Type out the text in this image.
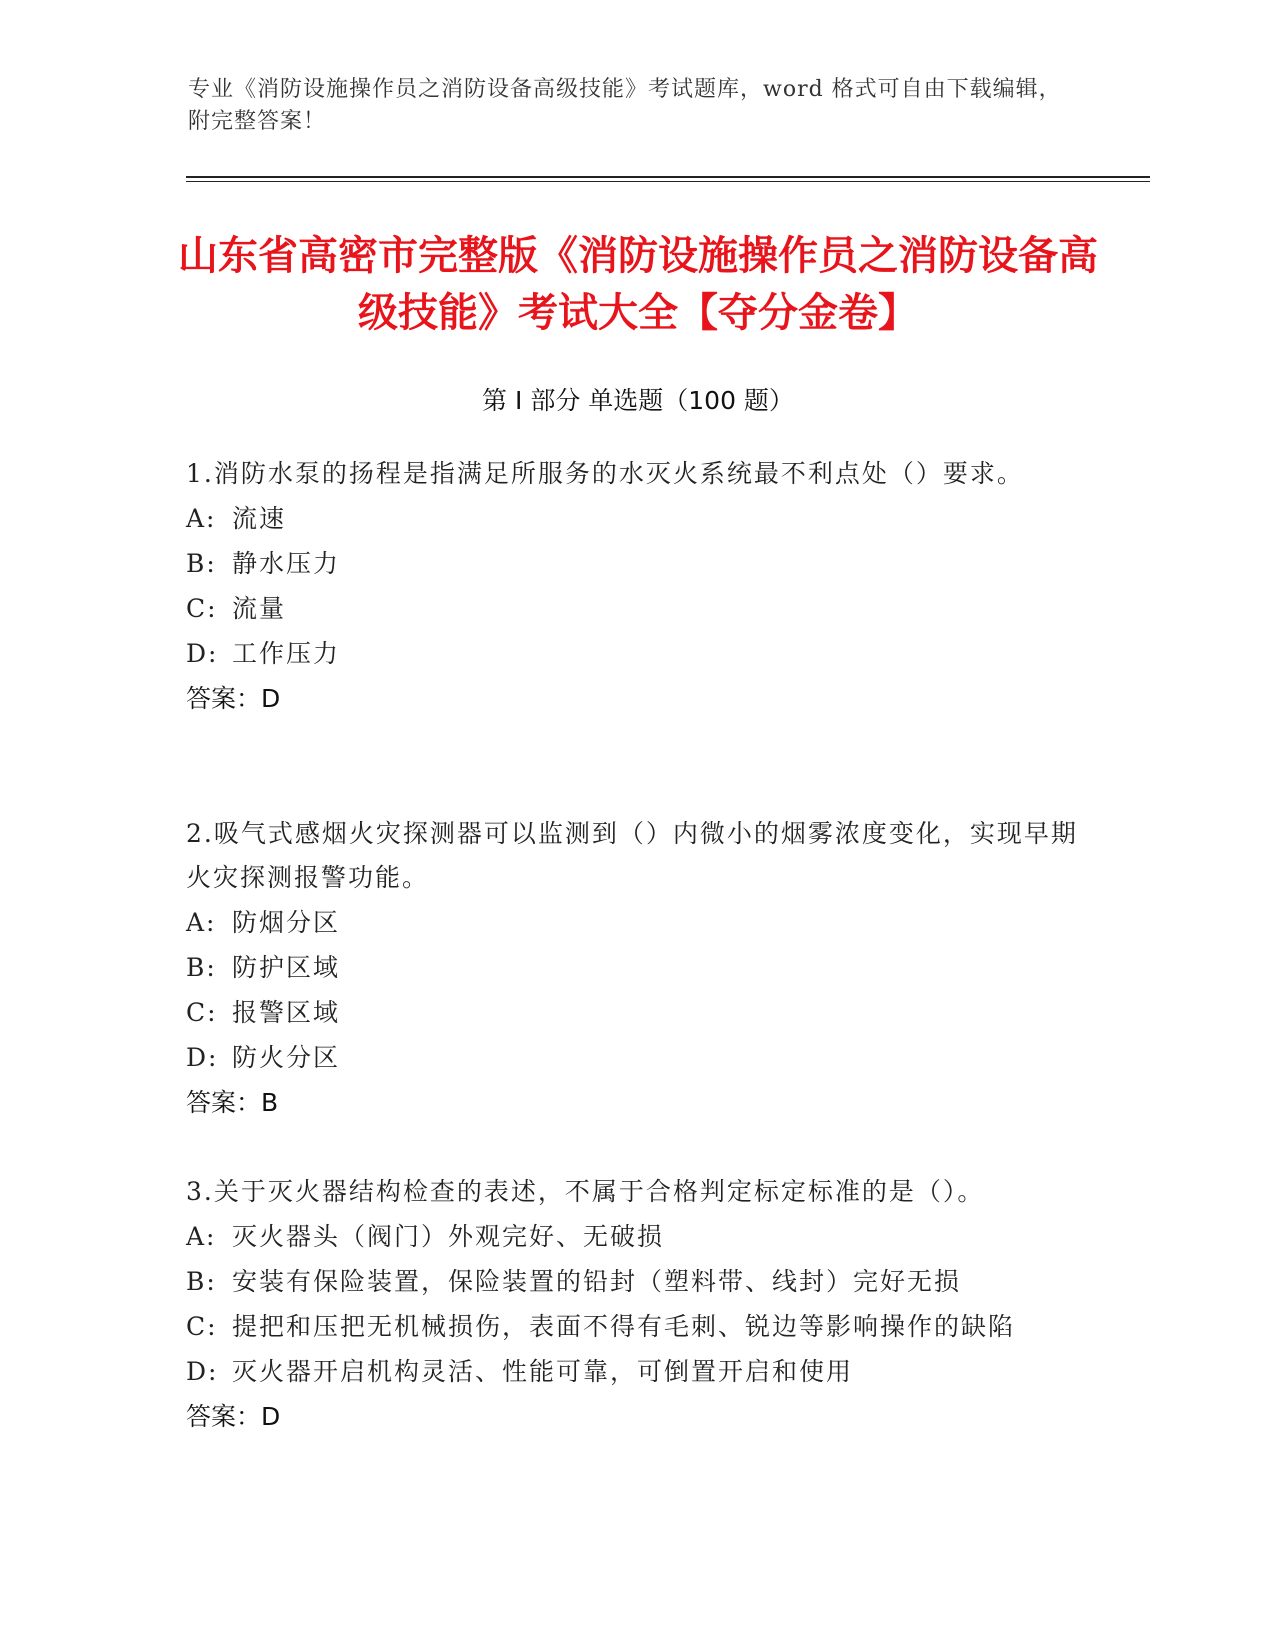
专业《消防设施操作员之消防设备高级技能》考试题库，word 格式可自由下载编辑，附完整答案！
山东省高密市完整版《消防设施操作员之消防设备高级技能》考试大全【夺分金卷】
第 I 部分 单选题（100 题）
1.消防水泵的扬程是指满足所服务的水灭火系统最不利点处（）要求。
A: 流速
B: 静水压力
C: 流量
D: 工作压力
答案：D
2.吸气式感烟火灾探测器可以监测到（）内微小的烟雾浓度变化，实现早期火灾探测报警功能。
A: 防烟分区
B: 防护区域
C: 报警区域
D: 防火分区
答案：B
3.关于灭火器结构检查的表述，不属于合格判定标定标准的是（）。
A: 灭火器头（阀门）外观完好、无破损
B: 安装有保险装置，保险装置的铅封（塑料带、线封）完好无损
C: 提把和压把无机械损伤，表面不得有毛刺、锐边等影响操作的缺陷
D: 灭火器开启机构灵活、性能可靠，可倒置开启和使用
答案：D
